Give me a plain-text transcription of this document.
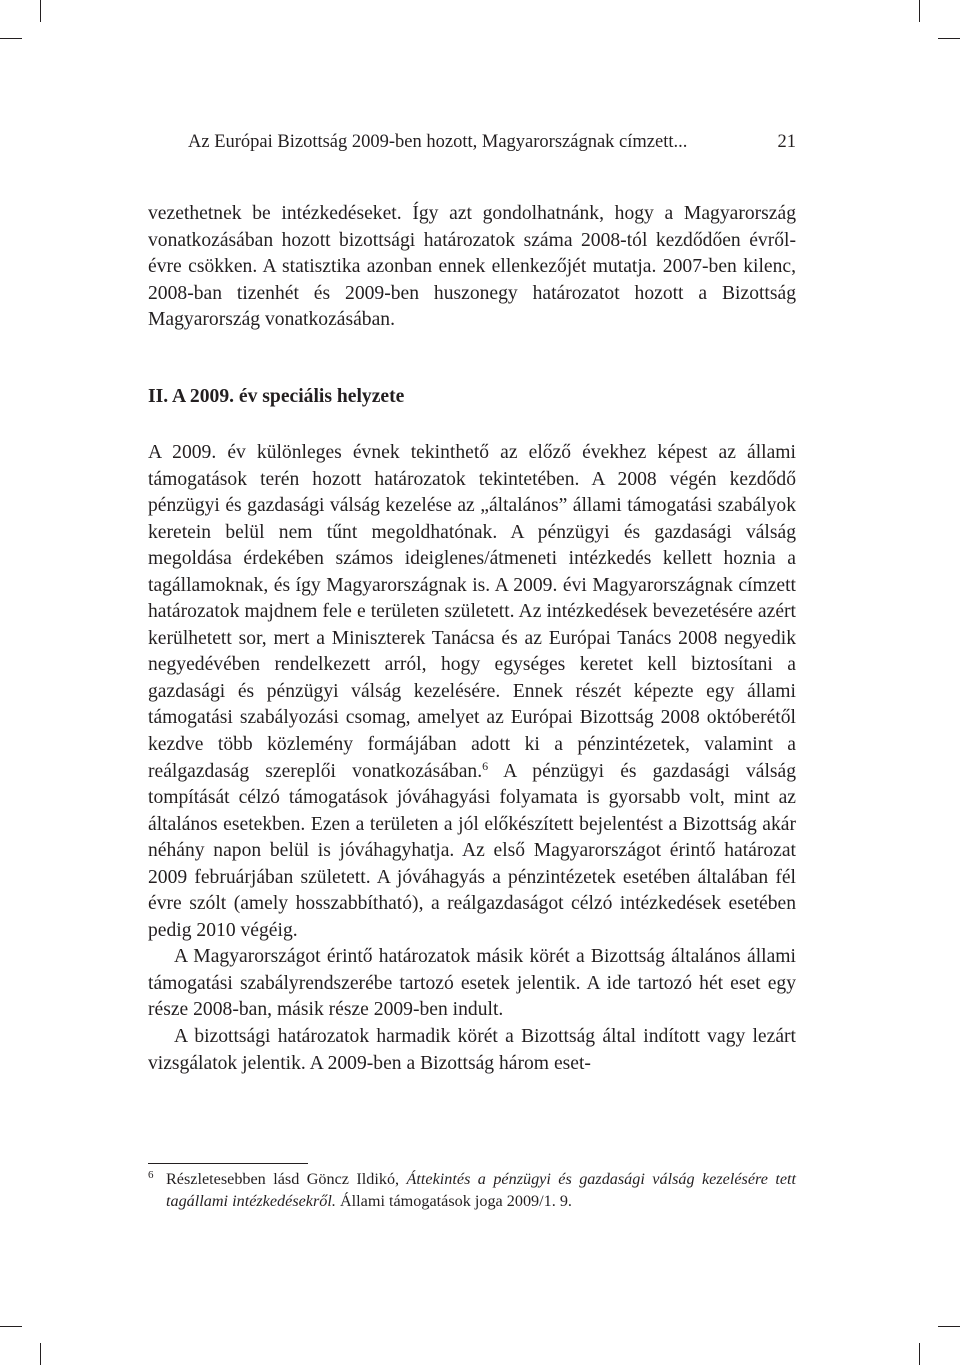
Az Európai Bizottság 2009-ben hozott, Magyarországnak címzett...	21

vezethetnek be intézkedéseket. Így azt gondolhatnánk, hogy a Magyarország vonatkozásában hozott bizottsági határozatok száma 2008-tól kezdődően évről-évre csökken. A statisztika azonban ennek ellenkezőjét mutatja. 2007-ben kilenc, 2008-ban tizenhét és 2009-ben huszonegy határozatot hozott a Bizottság Magyarország vonatkozásában.

II. A 2009. év speciális helyzete

A 2009. év különleges évnek tekinthető az előző évekhez képest az állami támogatások terén hozott határozatok tekintetében. A 2008 végén kezdődő pénzügyi és gazdasági válság kezelése az „általános” állami támogatási szabályok keretein belül nem tűnt megoldhatónak. A pénzügyi és gazdasági válság megoldása érdekében számos ideiglenes/átmeneti intézkedés kellett hoznia a tagállamoknak, és így Magyarországnak is. A 2009. évi Magyarországnak címzett határozatok majdnem fele e területen született. Az intézkedések bevezetésére azért kerülhetett sor, mert a Miniszterek Tanácsa és az Európai Tanács 2008 negyedik negyedévében rendelkezett arról, hogy egységes keretet kell biztosítani a gazdasági és pénzügyi válság kezelésére. Ennek részét képezte egy állami támogatási szabályozási csomag, amelyet az Európai Bizottság 2008 októberétől kezdve több közlemény formájában adott ki a pénzintézetek, valamint a reálgazdaság szereplői vonatkozásában.$^6$ A pénzügyi és gazdasági válság tompítását célzó támogatások jóváhagyási folyamata is gyorsabb volt, mint az általános esetekben. Ezen a területen a jól előkészített bejelentést a Bizottság akár néhány napon belül is jóváhagyhatja. Az első Magyarországot érintő határozat 2009 februárjában született. A jóváhagyás a pénzintézetek esetében általában fél évre szólt (amely hosszabbítható), a reálgazdaságot célzó intézkedések esetében pedig 2010 végéig.

A Magyarországot érintő határozatok másik körét a Bizottság általános állami támogatási szabályrendszerébe tartozó esetek jelentik. A ide tartozó hét eset egy része 2008-ban, másik része 2009-ben indult.

A bizottsági határozatok harmadik körét a Bizottság által indított vagy lezárt vizsgálatok jelentik. A 2009-ben a Bizottság három eset-

6 Részletesebben lásd Göncz Ildikó, Áttekintés a pénzügyi és gazdasági válság kezelésére tett tagállami intézkedésekről. Állami támogatások joga 2009/1. 9.
